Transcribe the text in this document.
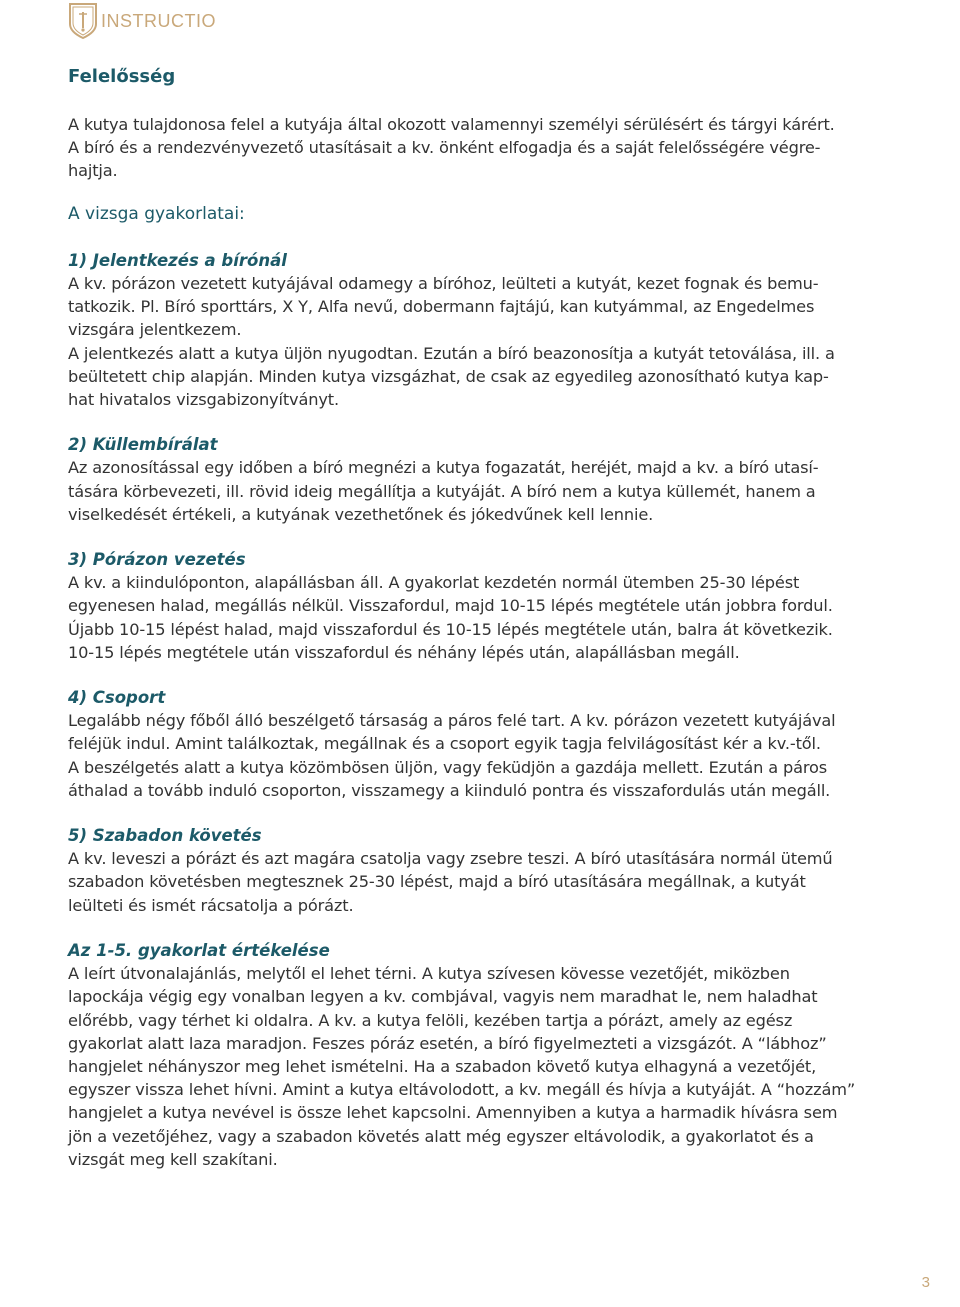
INSTRUCTIO
Felelősség
A kutya tulajdonosa felel a kutyája által okozott valamennyi személyi sérülésért és tárgyi kárért.
A bíró és a rendezvényvezető utasításait a kv. önként elfogadja és a saját felelősségére végre-
hajtja.
A vizsga gyakorlatai:
1) Jelentkezés a bírónál
A kv. pórázon vezetett kutyájával odamegy a bíróhoz, leülteti a kutyát, kezet fognak és bemu-
tatkozik. Pl. Bíró sporttárs, X Y, Alfa nevű, dobermann fajtájú, kan kutyámmal, az Engedelmes
vizsgára jelentkezem.
A jelentkezés alatt a kutya üljön nyugodtan. Ezután a bíró beazonosítja a kutyát tetoválása, ill. a
beültetett chip alapján. Minden kutya vizsgázhat, de csak az egyedileg azonosítható kutya kap-
hat hivatalos vizsgabizonyítványt.
2) Küllembírálat
Az azonosítással egy időben a bíró megnézi a kutya fogazatát, heréjét, majd a kv. a bíró utasí-
tására körbevezeti, ill. rövid ideig megállítja a kutyáját. A bíró nem a kutya küllemét, hanem a
viselkedését értékeli, a kutyának vezethetőnek és jókedvűnek kell lennie.
3) Pórázon vezetés
A kv. a kiindulóponton, alapállásban áll. A gyakorlat kezdetén normál ütemben 25-30 lépést
egyenesen halad, megállás nélkül. Visszafordul, majd 10-15 lépés megtétele után jobbra fordul.
Újabb 10-15 lépést halad, majd visszafordul és 10-15 lépés megtétele után, balra át következik.
10-15 lépés megtétele után visszafordul és néhány lépés után, alapállásban megáll.
4) Csoport
Legalább négy főből álló beszélgető társaság a páros felé tart. A kv. pórázon vezetett kutyájával
feléjük indul. Amint találkoztak, megállnak és a csoport egyik tagja felvilágosítást kér a kv.-től.
A beszélgetés alatt a kutya közömbösen üljön, vagy feküdjön a gazdája mellett. Ezután a páros
áthalad a tovább induló csoporton, visszamegy a kiinduló pontra és visszafordulás után megáll.
5) Szabadon követés
A kv. leveszi a pórázt és azt magára csatolja vagy zsebre teszi. A bíró utasítására normál ütemű
szabadon követésben megtesznek 25-30 lépést, majd a bíró utasítására megállnak, a kutyát
leülteti és ismét rácsatolja a pórázt.
Az 1-5. gyakorlat értékelése
A leírt útvonalajánlás, melytől el lehet térni. A kutya szívesen kövesse vezetőjét, miközben
lapockája végig egy vonalban legyen a kv. combjával, vagyis nem maradhat le, nem haladhat
előrébb, vagy térhet ki oldalra. A kv. a kutya felöli, kezében tartja a pórázt, amely az egész
gyakorlat alatt laza maradjon. Feszes póráz esetén, a bíró figyelmezteti a vizsgázót. A “lábhoz”
hangjelet néhányszor meg lehet ismételni. Ha a szabadon követő kutya elhagyná a vezetőjét,
egyszer vissza lehet hívni. Amint a kutya eltávolodott, a kv. megáll és hívja a kutyáját. A “hozzám”
hangjelet a kutya nevével is össze lehet kapcsolni. Amennyiben a kutya a harmadik hívásra sem
jön a vezetőjéhez, vagy a szabadon követés alatt még egyszer eltávolodik, a gyakorlatot és a
vizsgát meg kell szakítani.
3
